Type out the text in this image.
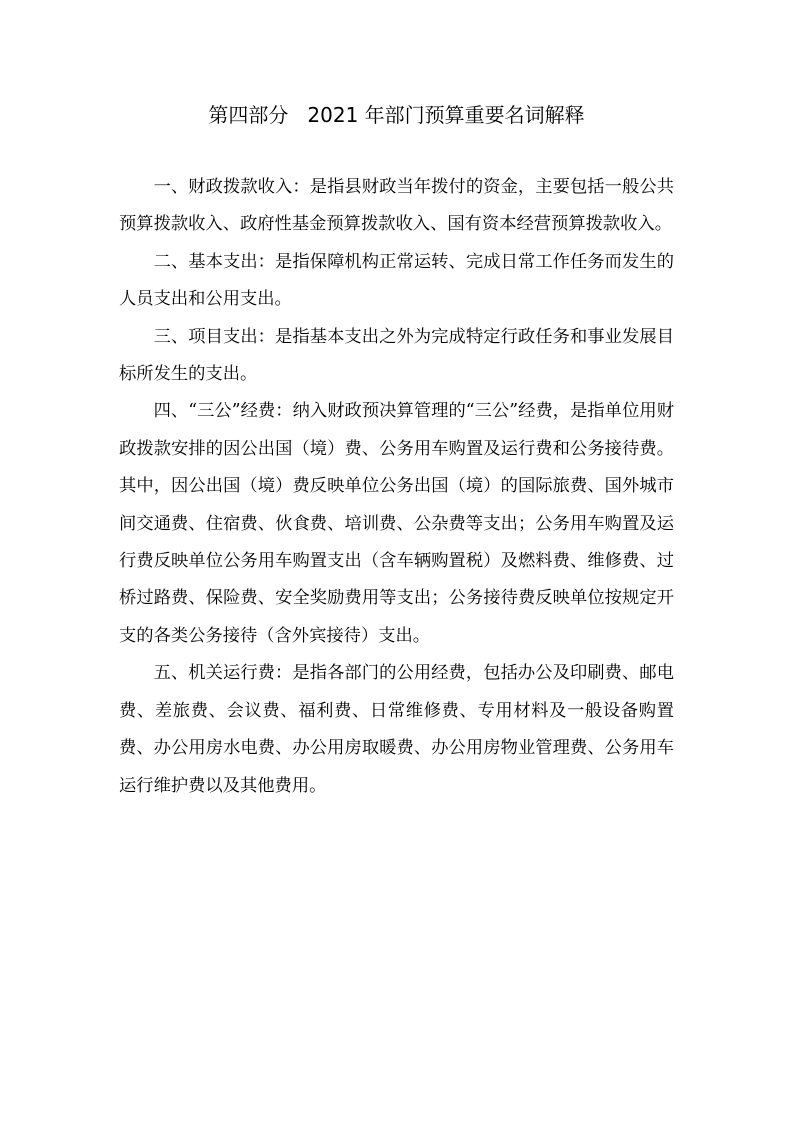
第四部分   2021 年部门预算重要名词解释

一、财政拨款收入：是指县财政当年拨付的资金，主要包括一般公共预算拨款收入、政府性基金预算拨款收入、国有资本经营预算拨款收入。

二、基本支出：是指保障机构正常运转、完成日常工作任务而发生的人员支出和公用支出。

三、项目支出：是指基本支出之外为完成特定行政任务和事业发展目标所发生的支出。

四、“三公”经费：纳入财政预决算管理的“三公”经费，是指单位用财政拨款安排的因公出国（境）费、公务用车购置及运行费和公务接待费。其中，因公出国（境）费反映单位公务出国（境）的国际旅费、国外城市间交通费、住宿费、伙食费、培训费、公杂费等支出；公务用车购置及运行费反映单位公务用车购置支出（含车辆购置税）及燃料费、维修费、过桥过路费、保险费、安全奖励费用等支出；公务接待费反映单位按规定开支的各类公务接待（含外宾接待）支出。

五、机关运行费：是指各部门的公用经费，包括办公及印刷费、邮电费、差旅费、会议费、福利费、日常维修费、专用材料及一般设备购置费、办公用房水电费、办公用房取暖费、办公用房物业管理费、公务用车运行维护费以及其他费用。
